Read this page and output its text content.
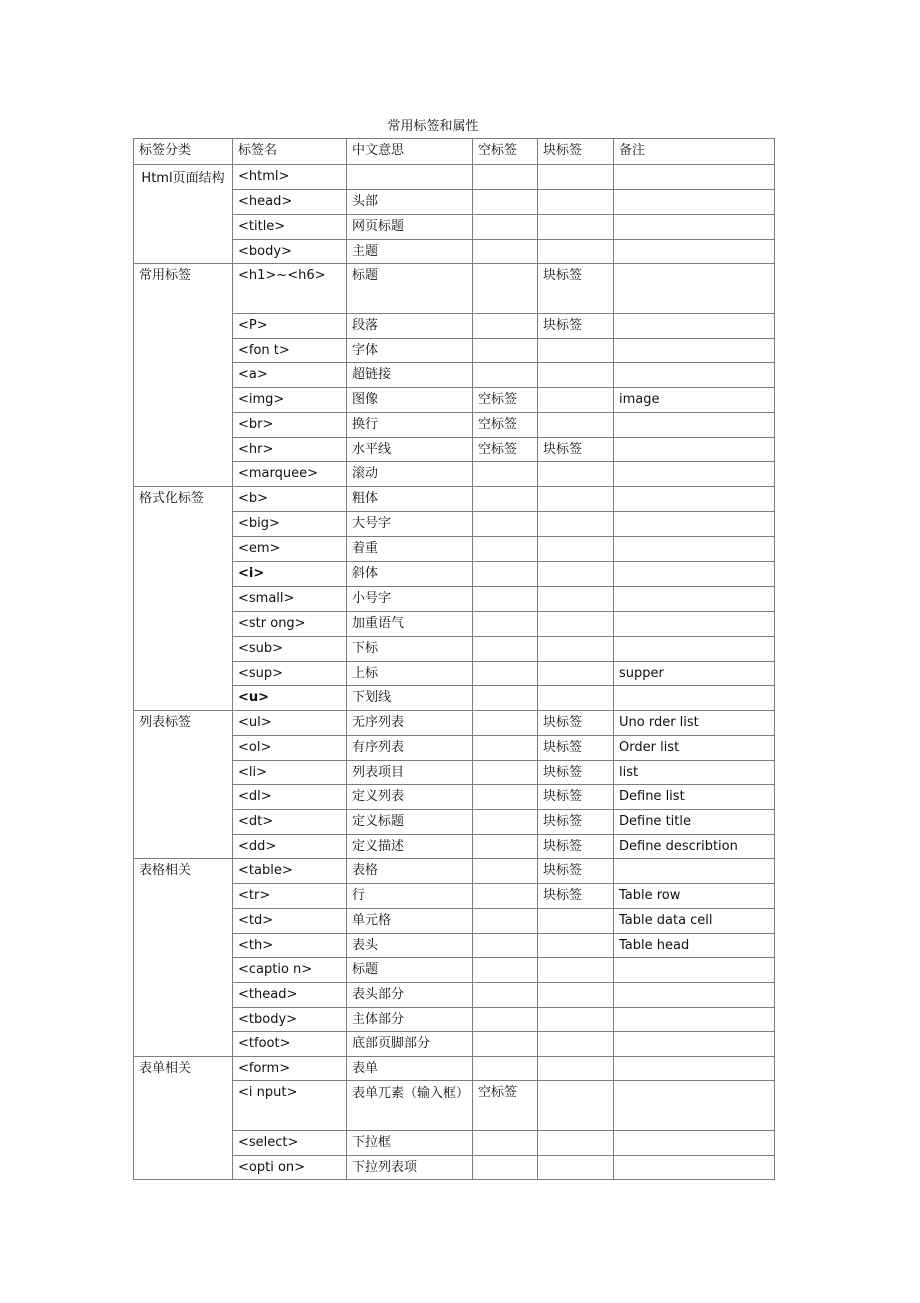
常用标签和属性
标签分类	标签名	中文意思	空标签	块标签	备注
Html页面结构	<html>				
	<head>	头部			
	<title>	网页标题			
	<body>	主题			
常用标签	<h1>~<h6>	标题		块标签	
	<P>	段落		块标签	
	<fon t>	字体			
	<a>	超链接			
	<img>	图像	空标签		image
	<br>	换行	空标签		
	<hr>	水平线	空标签	块标签	
	<marquee>	滚动			
格式化标签	<b>	粗体			
	<big>	大号字			
	<em>	着重			
	<i>	斜体			
	<small>	小号字			
	<str ong>	加重语气			
	<sub>	下标			
	<sup>	上标			supper
	<u>	下划线			
列表标签	<ul>	无序列表		块标签	Uno rder list
	<ol>	有序列表		块标签	Order list
	<li>	列表项目		块标签	list
	<dl>	定义列表		块标签	Define list
	<dt>	定义标题		块标签	Define title
	<dd>	定义描述		块标签	Define describtion
表格相关	<table>	表格		块标签	
	<tr>	行		块标签	Table row
	<td>	单元格			Table data cell
	<th>	表头			Table head
	<captio n>	标题			
	<thead>	表头部分			
	<tbody>	主体部分			
	<tfoot>	底部页脚部分			
表单相关	<form>	表单			
	<i nput>	表单兀素（输入框）	空标签		
	<select>	下拉框			
	<opti on>	下拉列表项			
